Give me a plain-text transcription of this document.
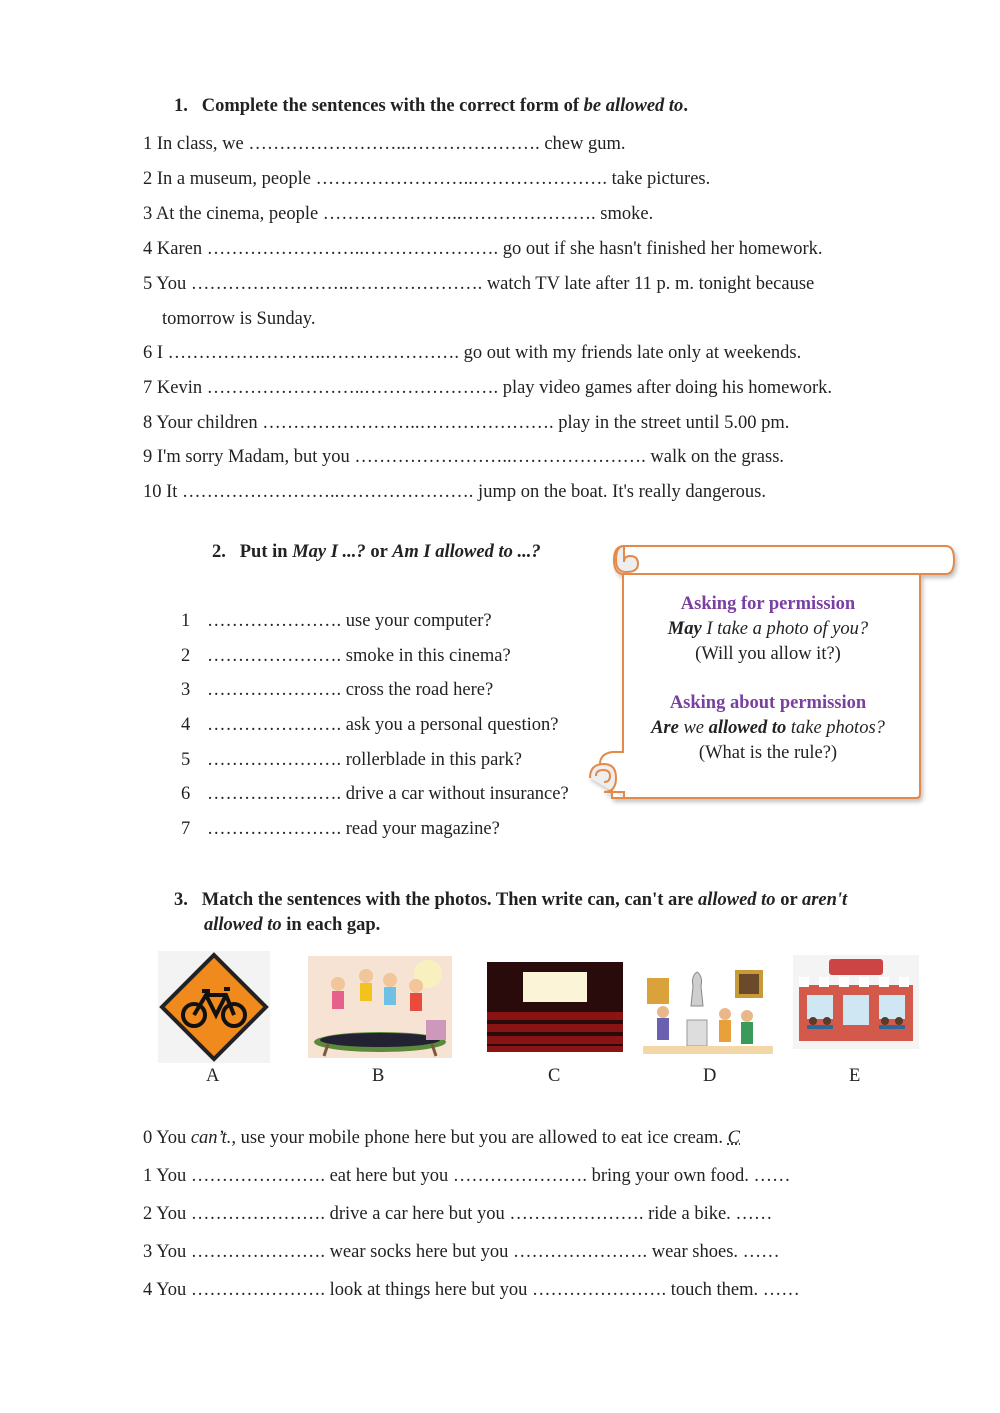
1. Complete the sentences with the correct form of be allowed to.
1 In class, we ……………………..…………………. chew gum.
2 In a museum, people ……………………..…………………. take pictures.
3 At the cinema, people …………………..…………………. smoke.
4 Karen ……………………..…………………. go out if she hasn't finished her homework.
5 You ……………………..…………………. watch TV late after 11 p. m. tonight because
tomorrow is Sunday.
6 I ……………………..…………………. go out with my friends late only at weekends.
7 Kevin ……………………..…………………. play video games after doing his homework.
8 Your children ……………………..…………………. play in the street until 5.00 pm.
9 I'm sorry Madam, but you ……………………..…………………. walk on the grass.
10 It ……………………..…………………. jump on the boat. It's really dangerous.
2. Put in May I ...? or Am I allowed to ...?
1 …………………. use your computer?
2 …………………. smoke in this cinema?
3 …………………. cross the road here?
4 …………………. ask you a personal question?
5 …………………. rollerblade in this park?
6 …………………. drive a car without insurance?
7 …………………. read your magazine?
Asking for permission
May I take a photo of you?
(Will you allow it?)
Asking about permission
Are we allowed to take photos?
(What is the rule?)
3. Match the sentences with the photos. Then write can, can't are allowed to or aren't
allowed to in each gap.
A	B	C	D	E
0 You can’t., use your mobile phone here but you are allowed to eat ice cream. C
1 You …………………. eat here but you …………………. bring your own food. ……
2 You …………………. drive a car here but you …………………. ride a bike. ……
3 You …………………. wear socks here but you …………………. wear shoes. ……
4 You …………………. look at things here but you …………………. touch them. ……
